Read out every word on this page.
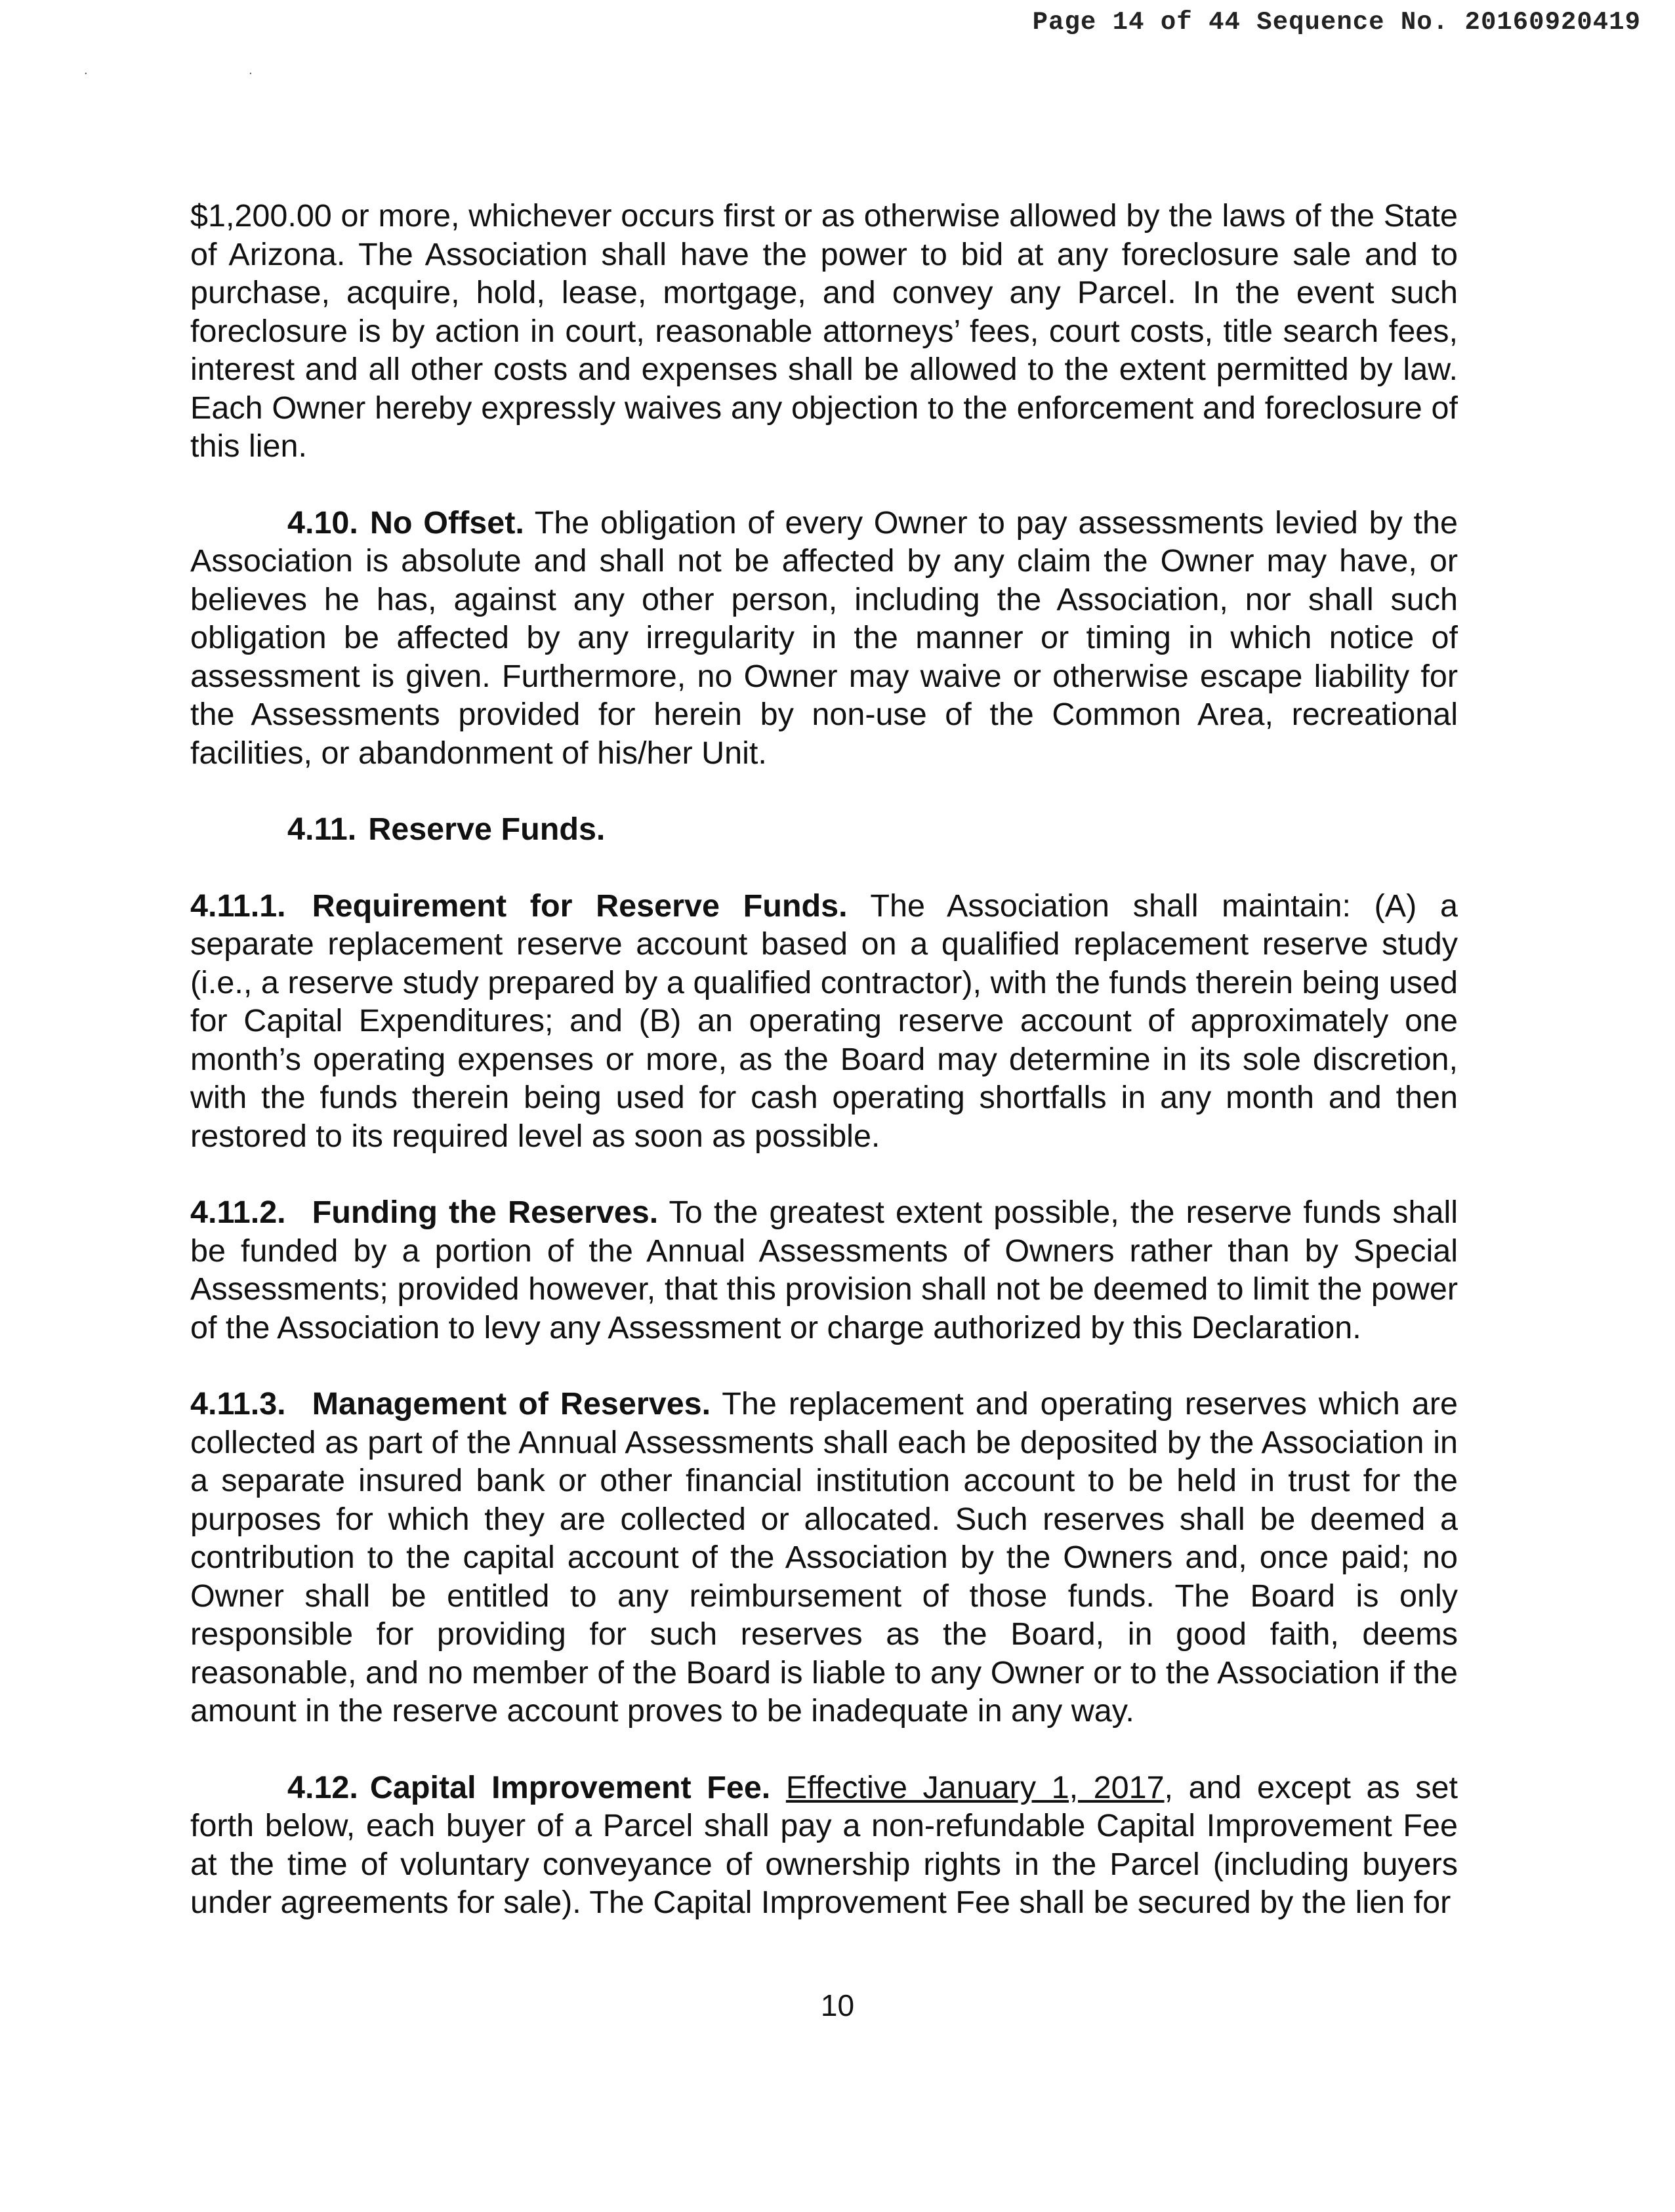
Page 14 of 44 Sequence No. 20160920419
. .

$1,200.00 or more, whichever occurs first or as otherwise allowed by the laws of the State of Arizona. The Association shall have the power to bid at any foreclosure sale and to purchase, acquire, hold, lease, mortgage, and convey any Parcel. In the event such foreclosure is by action in court, reasonable attorneys’ fees, court costs, title search fees, interest and all other costs and expenses shall be allowed to the extent permitted by law. Each Owner hereby expressly waives any objection to the enforcement and foreclosure of this lien.

4.10. No Offset. The obligation of every Owner to pay assessments levied by the Association is absolute and shall not be affected by any claim the Owner may have, or believes he has, against any other person, including the Association, nor shall such obligation be affected by any irregularity in the manner or timing in which notice of assessment is given. Furthermore, no Owner may waive or otherwise escape liability for the Assessments provided for herein by non-use of the Common Area, recreational facilities, or abandonment of his/her Unit.

4.11. Reserve Funds.

4.11.1. Requirement for Reserve Funds. The Association shall maintain: (A) a separate replacement reserve account based on a qualified replacement reserve study (i.e., a reserve study prepared by a qualified contractor), with the funds therein being used for Capital Expenditures; and (B) an operating reserve account of approximately one month’s operating expenses or more, as the Board may determine in its sole discretion, with the funds therein being used for cash operating shortfalls in any month and then restored to its required level as soon as possible.

4.11.2. Funding the Reserves. To the greatest extent possible, the reserve funds shall be funded by a portion of the Annual Assessments of Owners rather than by Special Assessments; provided however, that this provision shall not be deemed to limit the power of the Association to levy any Assessment or charge authorized by this Declaration.

4.11.3. Management of Reserves. The replacement and operating reserves which are collected as part of the Annual Assessments shall each be deposited by the Association in a separate insured bank or other financial institution account to be held in trust for the purposes for which they are collected or allocated. Such reserves shall be deemed a contribution to the capital account of the Association by the Owners and, once paid; no Owner shall be entitled to any reimbursement of those funds. The Board is only responsible for providing for such reserves as the Board, in good faith, deems reasonable, and no member of the Board is liable to any Owner or to the Association if the amount in the reserve account proves to be inadequate in any way.

4.12. Capital Improvement Fee. Effective January 1, 2017, and except as set forth below, each buyer of a Parcel shall pay a non-refundable Capital Improvement Fee at the time of voluntary conveyance of ownership rights in the Parcel (including buyers under agreements for sale). The Capital Improvement Fee shall be secured by the lien for

10
